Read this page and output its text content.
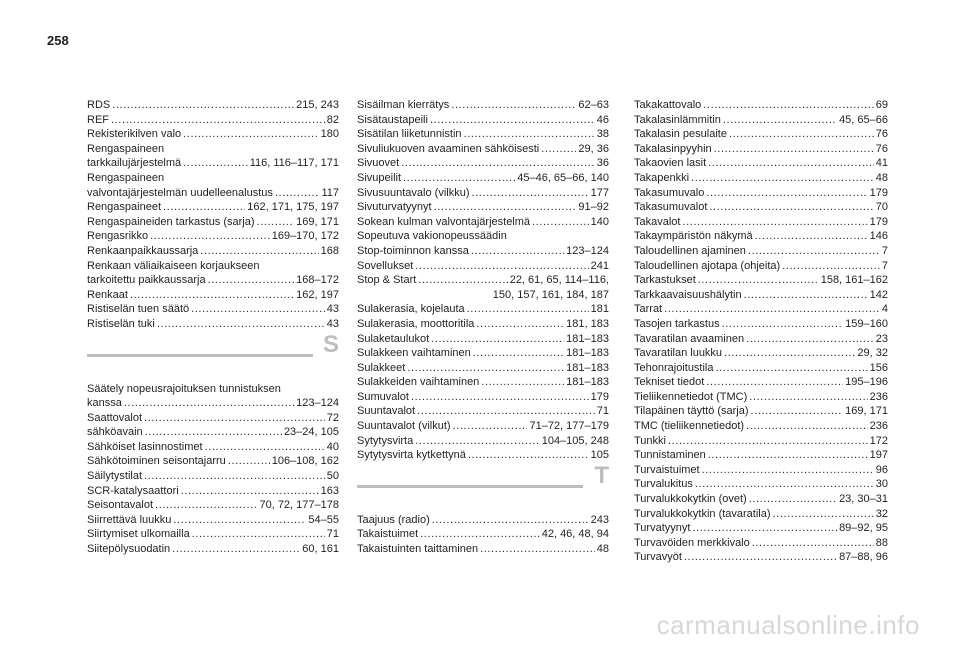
258
RDS .....	215, 243
REF .....	82
Rekisterikilven valo .....	180
Rengaspaineen
tarkkailujärjestelmä .....	116, 116–117, 171
Rengaspaineen
valvontajärjestelmän uudelleenalustus .....	117
Rengaspaineet .....	162, 171, 175, 197
Rengaspaineiden tarkastus (sarja) .....	169, 171
Rengasrikko .....	169–170, 172
Renkaanpaikkaussarja .....	168
Renkaan väliaikaiseen korjaukseen
tarkoitettu paikkaussarja .....	168–172
Renkaat .....	162, 197
Ristiselän tuen säätö .....	43
Ristiselän tuki .....	43
S
Säätely nopeusrajoituksen tunnistuksen
kanssa .....	123–124
Saattovalot .....	72
sähköavain .....	23–24, 105
Sähköiset lasinnostimet .....	40
Sähkötoiminen seisontajarru .....	106–108, 162
Säilytystilat .....	50
SCR-katalysaattori .....	163
Seisontavalot .....	70, 72, 177–178
Siirrettävä luukku .....	54–55
Siirtymiset ulkomailla .....	71
Siitepölysuodatin .....	60, 161
Sisäilman kierrätys .....	62–63
Sisätaustapeili .....	46
Sisätilan liiketunnistin .....	38
Sivuliukuoven avaaminen sähköisesti .....	29, 36
Sivuovet .....	36
Sivupeilit .....	45–46, 65–66, 140
Sivusuuntavalo (vilkku) .....	177
Sivuturvatyynyt .....	91–92
Sokean kulman valvontajärjestelmä .....	140
Sopeutuva vakionopeussäädin
Stop-toiminnon kanssa .....	123–124
Sovellukset .....	241
Stop & Start .....	22, 61, 65, 114–116,
150, 157, 161, 184, 187
Sulakerasia, kojelauta .....	181
Sulakerasia, moottoritila .....	181, 183
Sulaketaulukot .....	181–183
Sulakkeen vaihtaminen .....	181–183
Sulakkeet .....	181–183
Sulakkeiden vaihtaminen .....	181–183
Sumuvalot .....	179
Suuntavalot .....	71
Suuntavalot (vilkut) .....	71–72, 177–179
Sytytysvirta .....	104–105, 248
Sytytysvirta kytkettynä .....	105
T
Taajuus (radio) .....	243
Takaistuimet .....	42, 46, 48, 94
Takaistuinten taittaminen .....	48
Takakattovalo .....	69
Takalasinlämmitin .....	45, 65–66
Takalasin pesulaite .....	76
Takalasinpyyhin .....	76
Takaovien lasit .....	41
Takapenkki .....	48
Takasumuvalo .....	179
Takasumuvalot .....	70
Takavalot .....	179
Takaympäristön näkymä .....	146
Taloudellinen ajaminen .....	7
Taloudellinen ajotapa (ohjeita) .....	7
Tarkastukset .....	158, 161–162
Tarkkaavaisuushälytin .....	142
Tarrat .....	4
Tasojen tarkastus .....	159–160
Tavaratilan avaaminen .....	23
Tavaratilan luukku .....	29, 32
Tehonrajoitustila .....	156
Tekniset tiedot .....	195–196
Tieliikennetiedot (TMC) .....	236
Tilapäinen täyttö (sarja) .....	169, 171
TMC (tieliikennetiedot) .....	236
Tunkki .....	172
Tunnistaminen .....	197
Turvaistuimet .....	96
Turvalukitus .....	30
Turvalukkokytkin (ovet) .....	23, 30–31
Turvalukkokytkin (tavaratila) .....	32
Turvatyynyt .....	89–92, 95
Turvavöiden merkkivalo .....	88
Turvavyöt .....	87–88, 96
carmanualsonline.info
